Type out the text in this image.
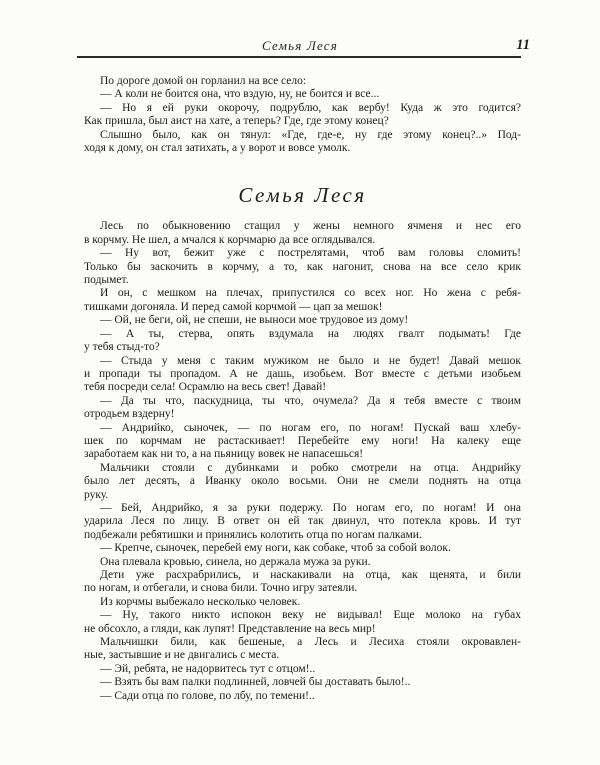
Семья Леся	11
По дороге домой он горланил на все село:
— А коли не боится она, что вздую, ну, не боится и все...
— Но я ей руки окорочу, подрублю, как вербу! Куда ж это годится?
Как пришла, был аист на хате, а теперь? Где, где этому конец?
Слышно было, как он тянул: «Где, где-е, ну где этому конец?..» Под-
ходя к дому, он стал затихать, а у ворот и вовсе умолк.
Семья Леся
Лесь по обыкновению стащил у жены немного ячменя и нес его
в корчму. Не шел, а мчался к корчмарю да все оглядывался.
— Ну вот, бежит уже с пострелятами, чтоб вам головы сломить!
Только бы заскочить в корчму, а то, как нагонит, снова на все село крик
подымет.
И он, с мешком на плечах, припустился со всех ног. Но жена с ребя-
тишками догоняла. И перед самой корчмой — цап за мешок!
— Ой, не беги, ой, не спеши, не выноси мое трудовое из дому!
— А ты, стерва, опять вздумала на людях гвалт подымать! Где
у тебя стыд-то?
— Стыда у меня с таким мужиком не было и не будет! Давай мешок
и пропади ты пропадом. А не дашь, изобьем. Вот вместе с детьми изобьем
тебя посреди села! Осрамлю на весь свет! Давай!
— Да ты что, паскудница, ты что, очумела? Да я тебя вместе с твоим
отродьем вздерну!
— Андрийко, сыночек, — по ногам его, по ногам! Пускай ваш хлебу-
шек по корчмам не растаскивает! Перебейте ему ноги! На калеку еще
заработаем как ни то, а на пьяницу вовек не напасешься!
Мальчики стояли с дубинками и робко смотрели на отца. Андрийку
было лет десять, а Иванку около восьми. Они не смели поднять на отца
руку.
— Бей, Андрийко, я за руки подержу. По ногам его, по ногам! И она
ударила Леся по лицу. В ответ он ей так двинул, что потекла кровь. И тут
подбежали ребятишки и принялись колотить отца по ногам палками.
— Крепче, сыночек, перебей ему ноги, как собаке, чтоб за собой волок.
Она плевала кровью, синела, но держала мужа за руки.
Дети уже расхрабрились, и наскакивали на отца, как щенята, и били
по ногам, и отбегали, и снова били. Точно игру затеяли.
Из корчмы выбежало несколько человек.
— Ну, такого никто испокон веку не видывал! Еще молоко на губах
не обсохло, а гляди, как лупят! Представление на весь мир!
Мальчишки били, как бешеные, а Лесь и Лесиха стояли окровавлен-
ные, застывшие и не двигались с места.
— Эй, ребята, не надорвитесь тут с отцом!..
— Взять бы вам палки подлинней, ловчей бы доставать было!..
— Сади отца по голове, по лбу, по темени!..
